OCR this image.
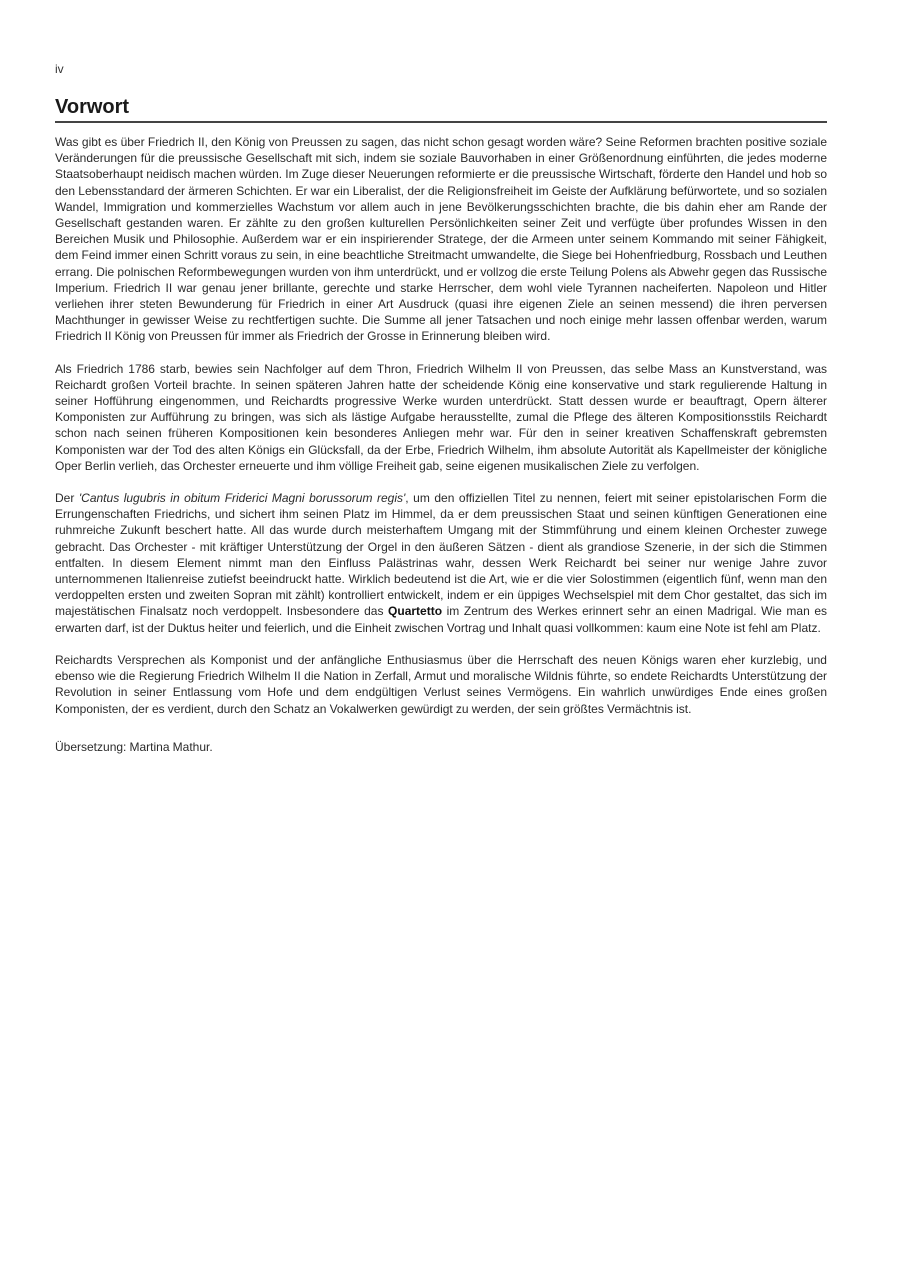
iv
Vorwort

Was gibt es über Friedrich II, den König von Preussen zu sagen, das nicht schon gesagt worden wäre? Seine Reformen brachten positive soziale Veränderungen für die preussische Gesellschaft mit sich, indem sie soziale Bauvorhaben in einer Größenordnung einführten, die jedes moderne Staatsoberhaupt neidisch machen würden. Im Zuge dieser Neuerungen reformierte er die preussische Wirtschaft, förderte den Handel und hob so den Lebensstandard der ärmeren Schichten. Er war ein Liberalist, der die Religionsfreiheit im Geiste der Aufklärung befürwortete, und so sozialen Wandel, Immigration und kommerzielles Wachstum vor allem auch in jene Bevölkerungsschichten brachte, die bis dahin eher am Rande der Gesellschaft gestanden waren. Er zählte zu den großen kulturellen Persönlichkeiten seiner Zeit und verfügte über profundes Wissen in den Bereichen Musik und Philosophie. Außerdem war er ein inspirierender Stratege, der die Armeen unter seinem Kommando mit seiner Fähigkeit, dem Feind immer einen Schritt voraus zu sein, in eine beachtliche Streitmacht umwandelte, die Siege bei Hohenfriedburg, Rossbach und Leuthen errang. Die polnischen Reformbewegungen wurden von ihm unterdrückt, und er vollzog die erste Teilung Polens als Abwehr gegen das Russische Imperium. Friedrich II war genau jener brillante, gerechte und starke Herrscher, dem wohl viele Tyrannen nacheiferten. Napoleon und Hitler verliehen ihrer steten Bewunderung für Friedrich in einer Art Ausdruck (quasi ihre eigenen Ziele an seinen messend) die ihren perversen Machthunger in gewisser Weise zu rechtfertigen suchte. Die Summe all jener Tatsachen und noch einige mehr lassen offenbar werden, warum Friedrich II König von Preussen für immer als Friedrich der Grosse in Erinnerung bleiben wird.

Als Friedrich 1786 starb, bewies sein Nachfolger auf dem Thron, Friedrich Wilhelm II von Preussen, das selbe Mass an Kunstverstand, was Reichardt großen Vorteil brachte. In seinen späteren Jahren hatte der scheidende König eine konservative und stark regulierende Haltung in seiner Hofführung eingenommen, und Reichardts progressive Werke wurden unterdrückt. Statt dessen wurde er beauftragt, Opern älterer Komponisten zur Aufführung zu bringen, was sich als lästige Aufgabe herausstellte, zumal die Pflege des älteren Kompositionsstils Reichardt schon nach seinen früheren Kompositionen kein besonderes Anliegen mehr war. Für den in seiner kreativen Schaffenskraft gebremsten Komponisten war der Tod des alten Königs ein Glücksfall, da der Erbe, Friedrich Wilhelm, ihm absolute Autorität als Kapellmeister der königliche Oper Berlin verlieh, das Orchester erneuerte und ihm völlige Freiheit gab, seine eigenen musikalischen Ziele zu verfolgen.

Der 'Cantus lugubris in obitum Friderici Magni borussorum regis', um den offiziellen Titel zu nennen, feiert mit seiner epistolarischen Form die Errungenschaften Friedrichs, und sichert ihm seinen Platz im Himmel, da er dem preussischen Staat und seinen künftigen Generationen eine ruhmreiche Zukunft beschert hatte. All das wurde durch meisterhaftem Umgang mit der Stimmführung und einem kleinen Orchester zuwege gebracht. Das Orchester - mit kräftiger Unterstützung der Orgel in den äußeren Sätzen - dient als grandiose Szenerie, in der sich die Stimmen entfalten. In diesem Element nimmt man den Einfluss Palästrinas wahr, dessen Werk Reichardt bei seiner nur wenige Jahre zuvor unternommenen Italienreise zutiefst beeindruckt hatte. Wirklich bedeutend ist die Art, wie er die vier Solostimmen (eigentlich fünf, wenn man den verdoppelten ersten und zweiten Sopran mit zählt) kontrolliert entwickelt, indem er ein üppiges Wechselspiel mit dem Chor gestaltet, das sich im majestätischen Finalsatz noch verdoppelt. Insbesondere das Quartetto im Zentrum des Werkes erinnert sehr an einen Madrigal. Wie man es erwarten darf, ist der Duktus heiter und feierlich, und die Einheit zwischen Vortrag und Inhalt quasi vollkommen: kaum eine Note ist fehl am Platz.

Reichardts Versprechen als Komponist und der anfängliche Enthusiasmus über die Herrschaft des neuen Königs waren eher kurzlebig, und ebenso wie die Regierung Friedrich Wilhelm II die Nation in Zerfall, Armut und moralische Wildnis führte, so endete Reichardts Unterstützung der Revolution in seiner Entlassung vom Hofe und dem endgültigen Verlust seines Vermögens. Ein wahrlich unwürdiges Ende eines großen Komponisten, der es verdient, durch den Schatz an Vokalwerken gewürdigt zu werden, der sein größtes Vermächtnis ist.

Übersetzung: Martina Mathur.
